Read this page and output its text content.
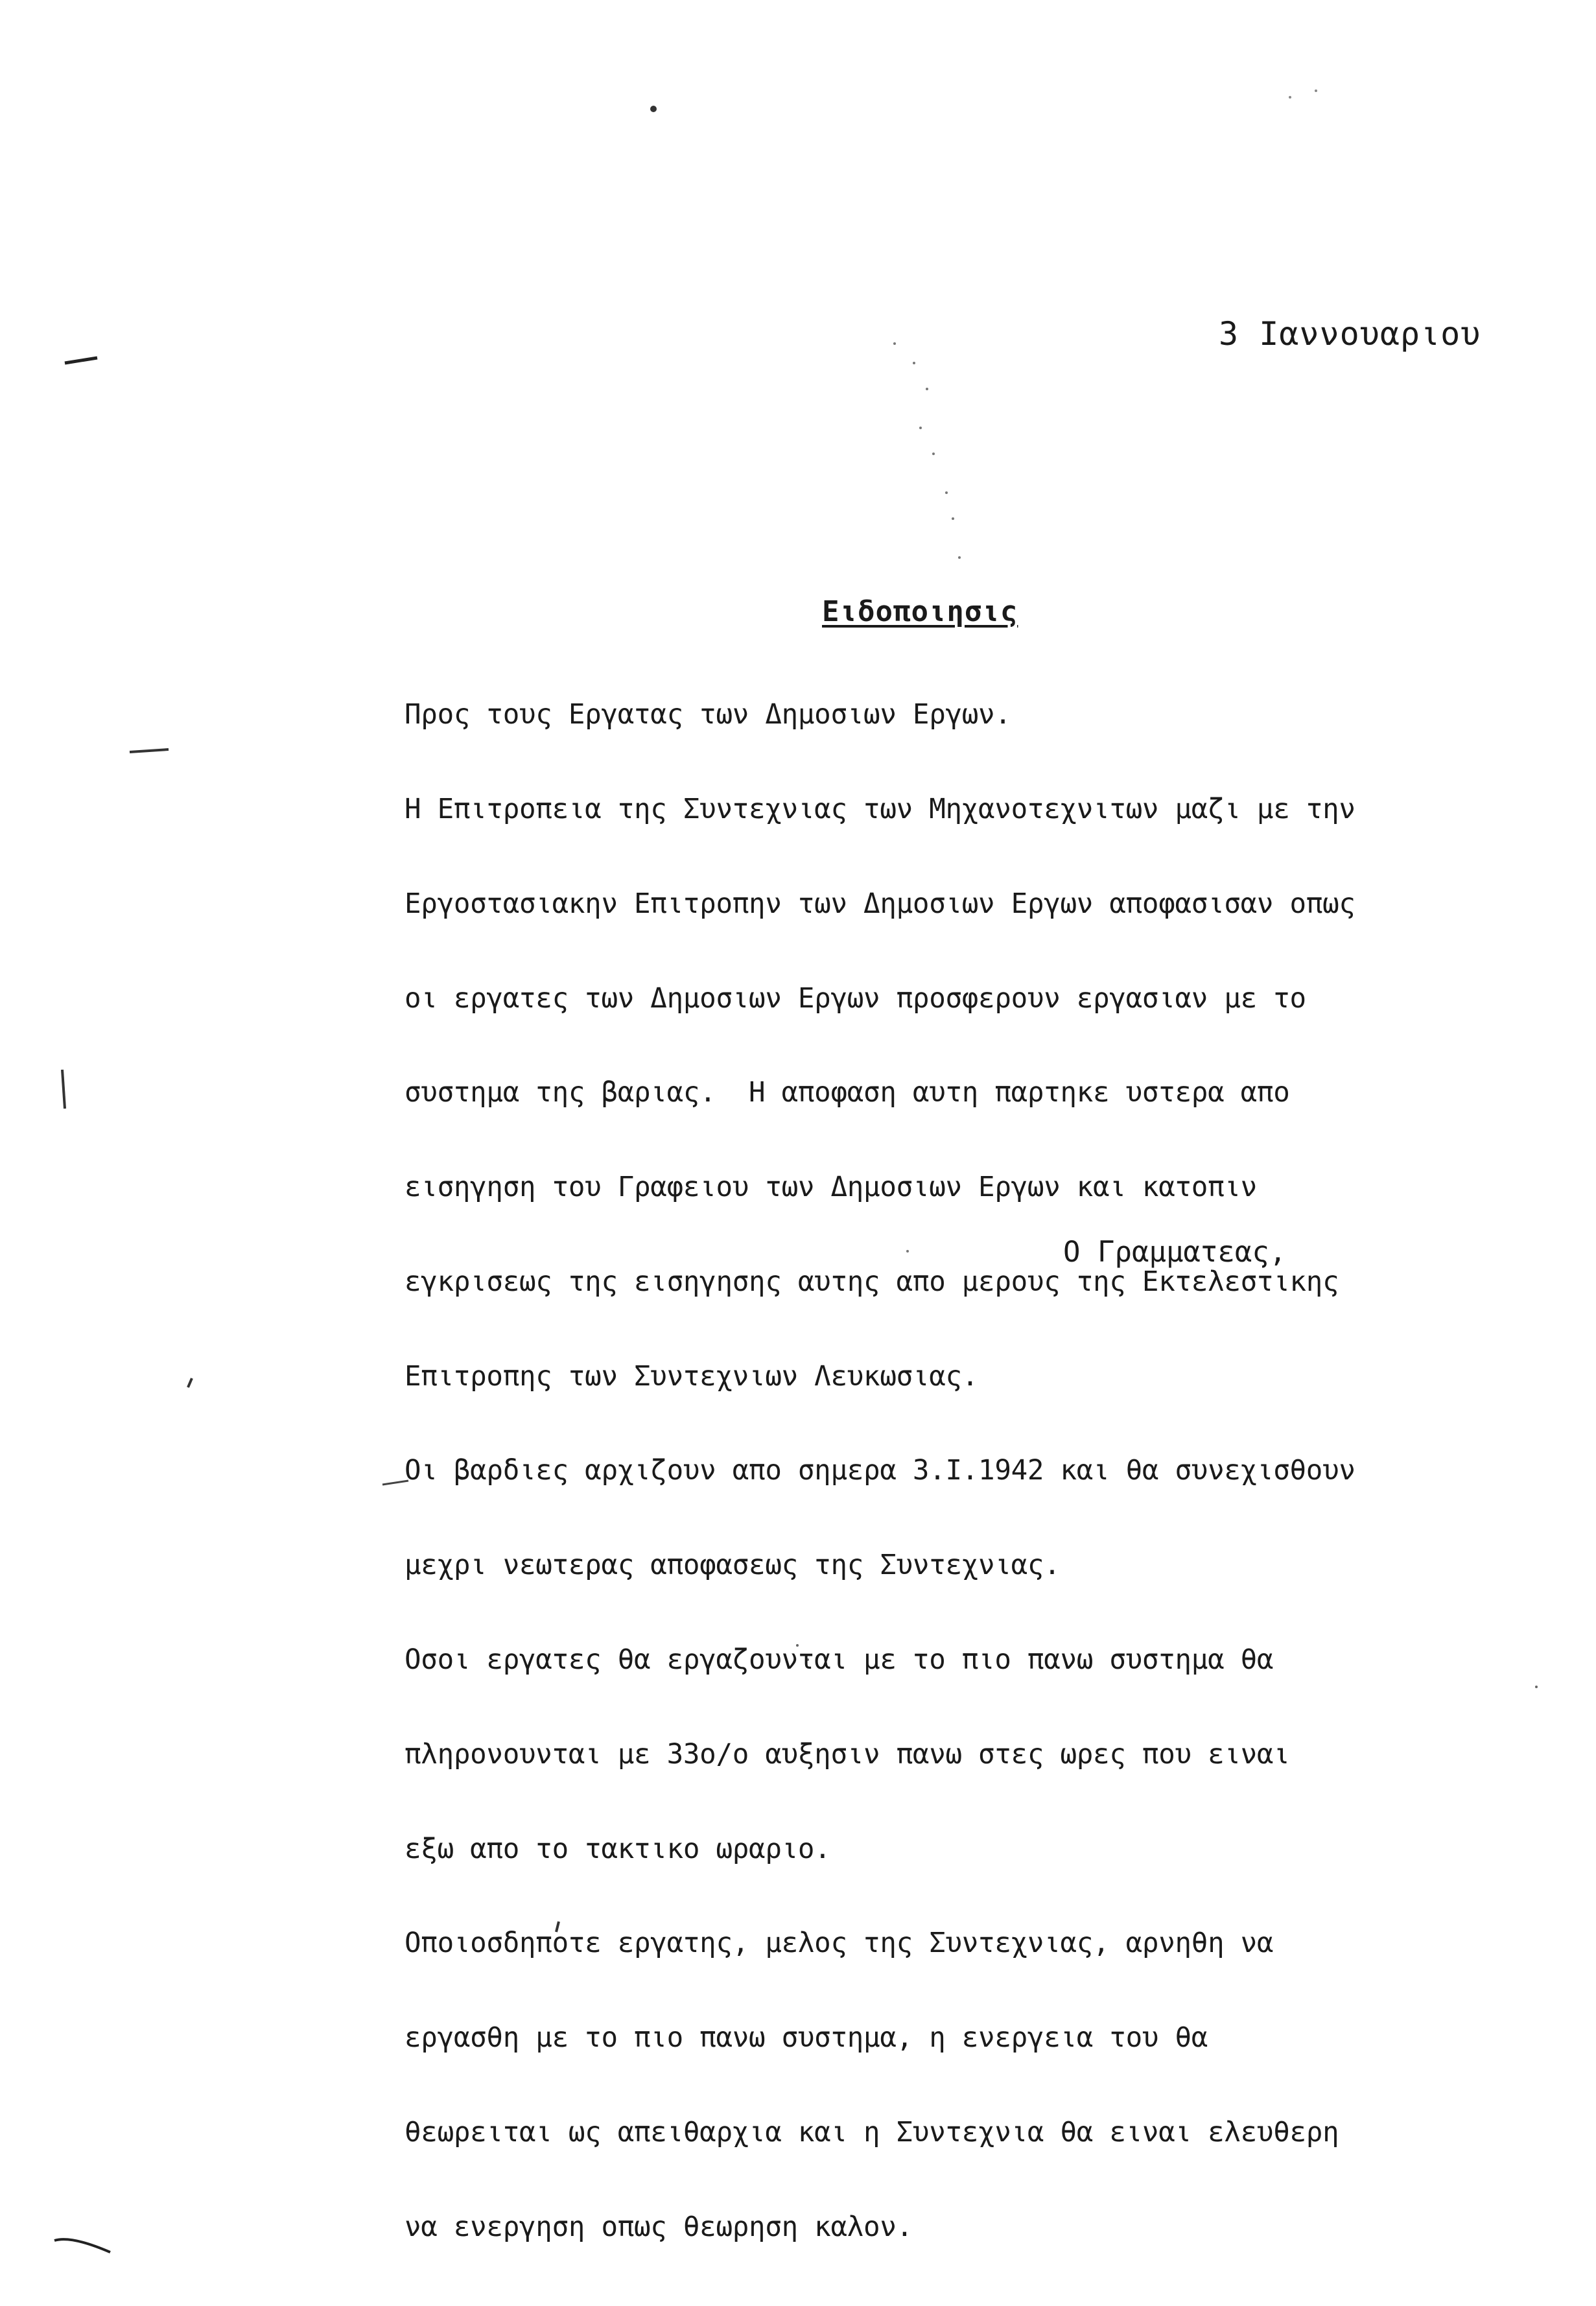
3 Ιαννουαριου
Ειδοποιησις

Προς τους Εργατας των Δημοσιων Εργων.

Η Επιτροπεια της Συντεχνιας των Μηχανοτεχνιτων μαζι με την

Εργοστασιακην Επιτροπην των Δημοσιων Εργων αποφασισαν οπως

οι εργατες των Δημοσιων Εργων προσφερουν εργασιαν με το

συστημα της βαριας.  Η αποφαση αυτη παρτηκε υστερα απο

εισηγηση του Γραφειου των Δημοσιων Εργων και κατοπιν

εγκρισεως της εισηγησης αυτης απο μερους της Εκτελεστικης

Επιτροπης των Συντεχνιων Λευκωσιας.

Οι βαρδιες αρχιζουν απο σημερα 3.I.1942 και θα συνεχισθουν

μεχρι νεωτερας αποφασεως της Συντεχνιας.

Οσοι εργατες θα εργαζουνται με το πιο πανω συστημα θα

πληρονουνται με 33ο/ο αυξησιν πανω στες ωρες που ειναι

εξω απο το τακτικο ωραριο.

Οποιοσδηποτε εργατης, μελος της Συντεχνιας, αρνηθη να

εργασθη με το πιο πανω συστημα, η ενεργεια του θα

θεωρειται ως απειθαρχια και η Συντεχνια θα ειναι ελευθερη

να ενεργηση οπως θεωρηση καλον.

Ο Γραμματεας,
